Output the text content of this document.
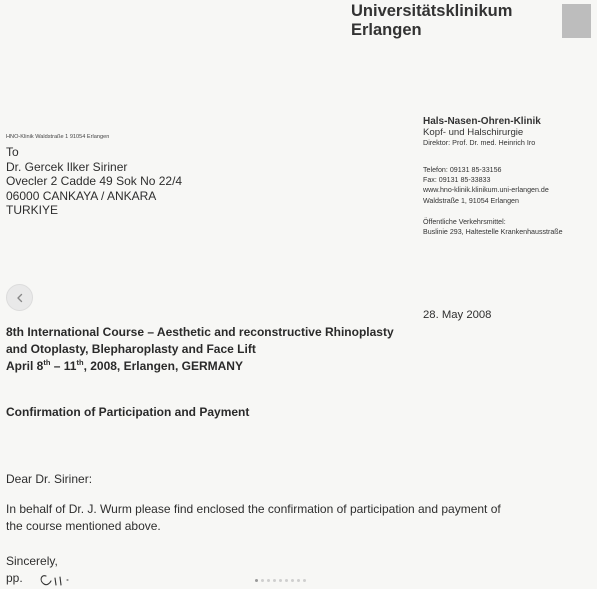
Universitätsklinikum
Erlangen
HNO-Klinik Waldstraße 1 91054 Erlangen
To
Dr. Gercek Ilker Siriner
Ovecler 2 Cadde 49 Sok No 22/4
06000 CANKAYA / ANKARA
TURKIYE
Hals-Nasen-Ohren-Klinik
Kopf- und Halschirurgie
Direktor: Prof. Dr. med. Heinrich Iro
Telefon: 09131 85-33156
Fax: 09131 85-33833
www.hno-klinik.klinikum.uni-erlangen.de
Waldstraße 1, 91054 Erlangen
Öffentliche Verkehrsmittel:
Buslinie 293, Haltestelle Krankenhausstraße
28. May 2008
8th International Course – Aesthetic and reconstructive Rhinoplasty
and Otoplasty, Blepharoplasty and Face Lift
April 8th – 11th, 2008, Erlangen, GERMANY
Confirmation of Participation and Payment
Dear Dr. Siriner:
In behalf of Dr. J. Wurm please find enclosed the confirmation of participation and payment of
the course mentioned above.
Sincerely,
pp.
